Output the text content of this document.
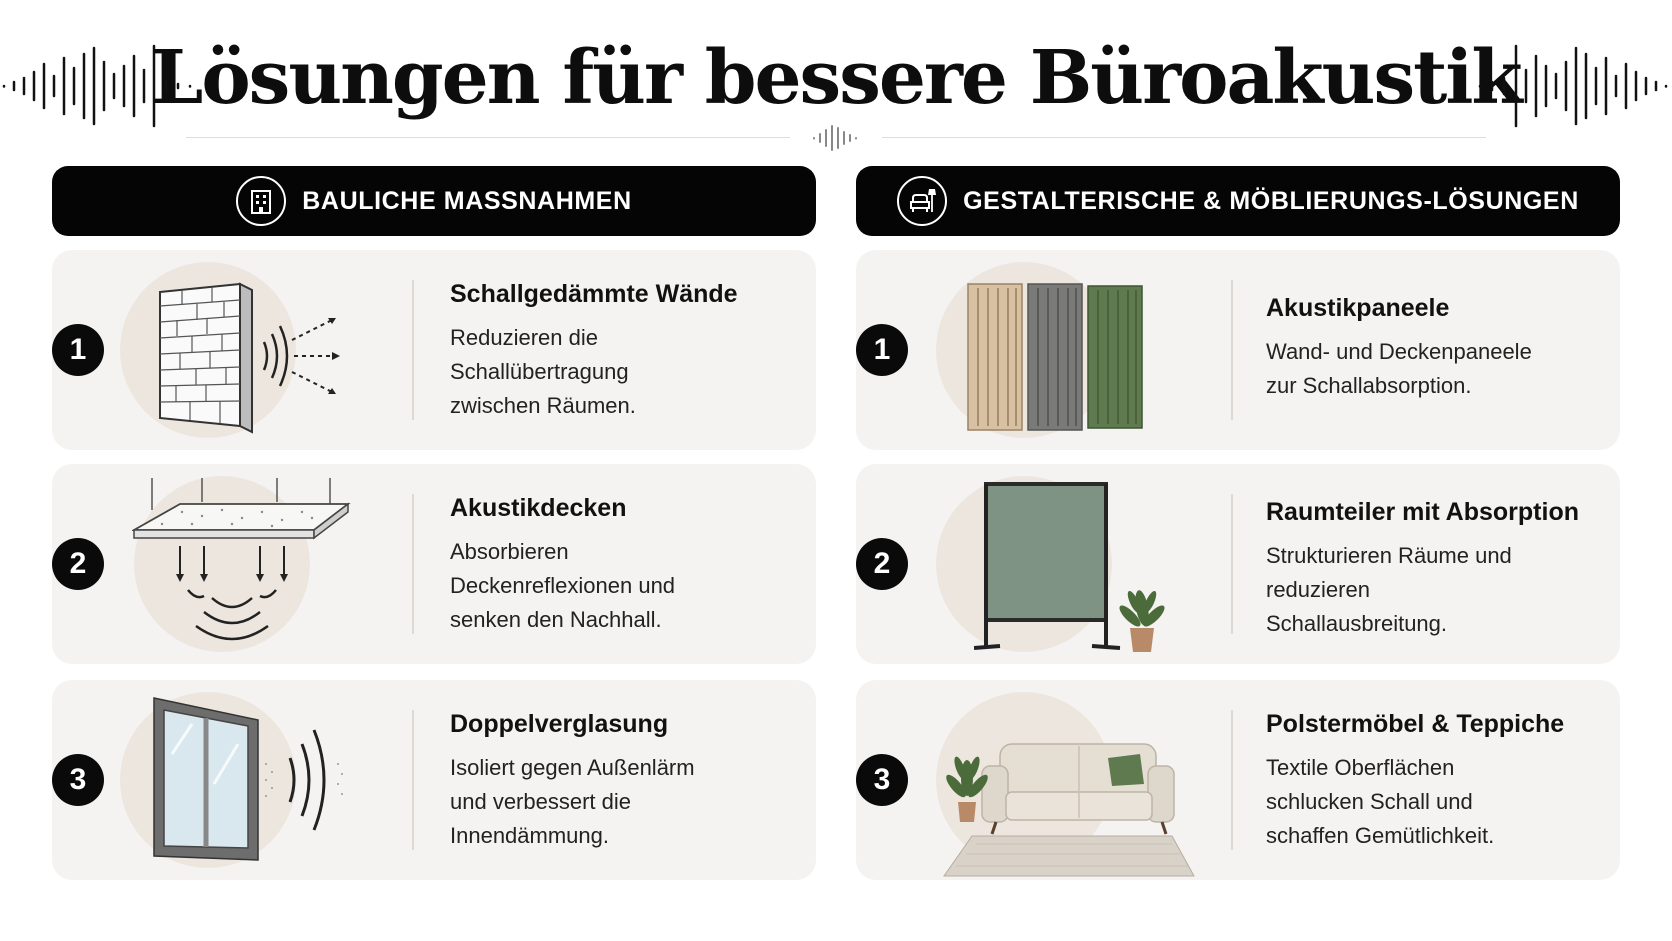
Lösungen für bessere Büroakustik
BAULICHE MASSNAHMEN
1
Schallgedämmte Wände

Reduzieren die
Schallübertragung
zwischen Räumen.

2
Akustikdecken

Absorbieren
Deckenreflexionen und
senken den Nachhall.

3
Doppelverglasung

Isoliert gegen Außenlärm
und verbessert die
Innendämmung.

GESTALTERISCHE & MÖBLIERUNGS-LÖSUNGEN
1
Akustikpaneele

Wand- und Deckenpaneele
zur Schallabsorption.

2
Raumteiler mit Absorption

Strukturieren Räume und
reduzieren
Schallausbreitung.

3
Polstermöbel & Teppiche

Textile Oberflächen
schlucken Schall und
schaffen Gemütlichkeit.
